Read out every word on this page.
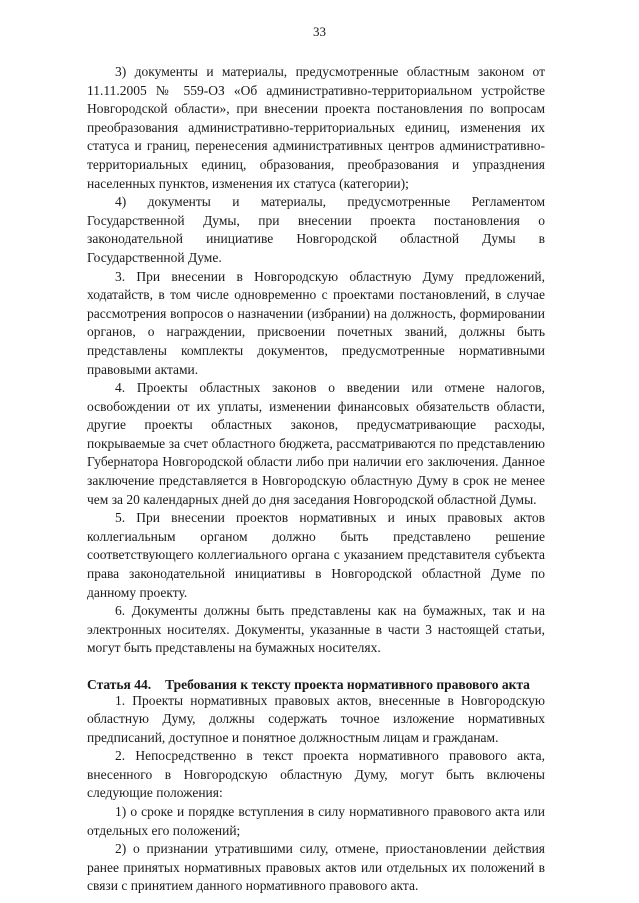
33

3) документы и материалы, предусмотренные областным законом от 11.11.2005 № 559-ОЗ «Об административно-территориальном устройстве Новгородской области», при внесении проекта постановления по вопросам преобразования административно-территориальных единиц, изменения их статуса и границ, перенесения административных центров административно-территориальных единиц, образования, преобразования и упразднения населенных пунктов, изменения их статуса (категории);

4) документы и материалы, предусмотренные Регламентом Государственной Думы, при внесении проекта постановления о законодательной инициативе Новгородской областной Думы в Государственной Думе.

3. При внесении в Новгородскую областную Думу предложений, ходатайств, в том числе одновременно с проектами постановлений, в случае рассмотрения вопросов о назначении (избрании) на должность, формировании органов, о награждении, присвоении почетных званий, должны быть представлены комплекты документов, предусмотренные нормативными правовыми актами.

4. Проекты областных законов о введении или отмене налогов, освобождении от их уплаты, изменении финансовых обязательств области, другие проекты областных законов, предусматривающие расходы, покрываемые за счет областного бюджета, рассматриваются по представлению Губернатора Новгородской области либо при наличии его заключения. Данное заключение представляется в Новгородскую областную Думу в срок не менее чем за 20 календарных дней до дня заседания Новгородской областной Думы.

5. При внесении проектов нормативных и иных правовых актов коллегиальным органом должно быть представлено решение соответствующего коллегиального органа с указанием представителя субъекта права законодательной инициативы в Новгородской областной Думе по данному проекту.

6. Документы должны быть представлены как на бумажных, так и на электронных носителях. Документы, указанные в части 3 настоящей статьи, могут быть представлены на бумажных носителях.

Статья 44. Требования к тексту проекта нормативного правового акта

1. Проекты нормативных правовых актов, внесенные в Новгородскую областную Думу, должны содержать точное изложение нормативных предписаний, доступное и понятное должностным лицам и гражданам.

2. Непосредственно в текст проекта нормативного правового акта, внесенного в Новгородскую областную Думу, могут быть включены следующие положения:

1) о сроке и порядке вступления в силу нормативного правового акта или отдельных его положений;

2) о признании утратившими силу, отмене, приостановлении действия ранее принятых нормативных правовых актов или отдельных их положений в связи с принятием данного нормативного правового акта.
